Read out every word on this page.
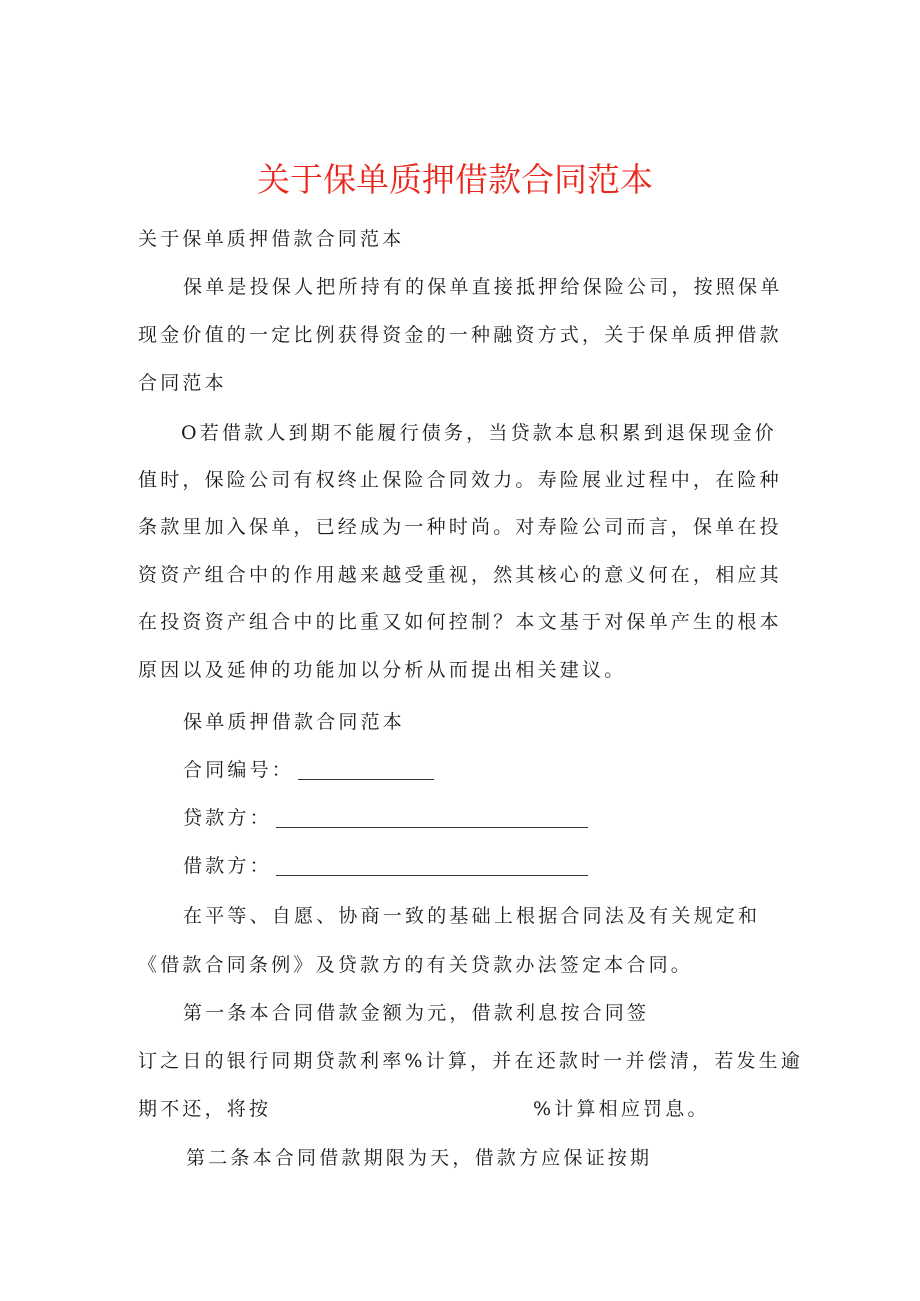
关于保单质押借款合同范本
关于保单质押借款合同范本
保单是投保人把所持有的保单直接抵押给保险公司，按照保单
现金价值的一定比例获得资金的一种融资方式，关于保单质押借款
合同范本
O若借款人到期不能履行债务，当贷款本息积累到退保现金价
值时，保险公司有权终止保险合同效力。寿险展业过程中，在险种
条款里加入保单，已经成为一种时尚。对寿险公司而言，保单在投
资资产组合中的作用越来越受重视，然其核心的意义何在，相应其
在投资资产组合中的比重又如何控制？本文基于对保单产生的根本
原因以及延伸的功能加以分析从而提出相关建议。
保单质押借款合同范本
合同编号：
贷款方：
借款方：
在平等、自愿、协商一致的基础上根据合同法及有关规定和
《借款合同条例》及贷款方的有关贷款办法签定本合同。
第一条本合同借款金额为元，借款利息按合同签
订之日的银行同期贷款利率%计算，并在还款时一并偿清，若发生逾
期不还，将按	%计算相应罚息。
第二条本合同借款期限为天，借款方应保证按期
